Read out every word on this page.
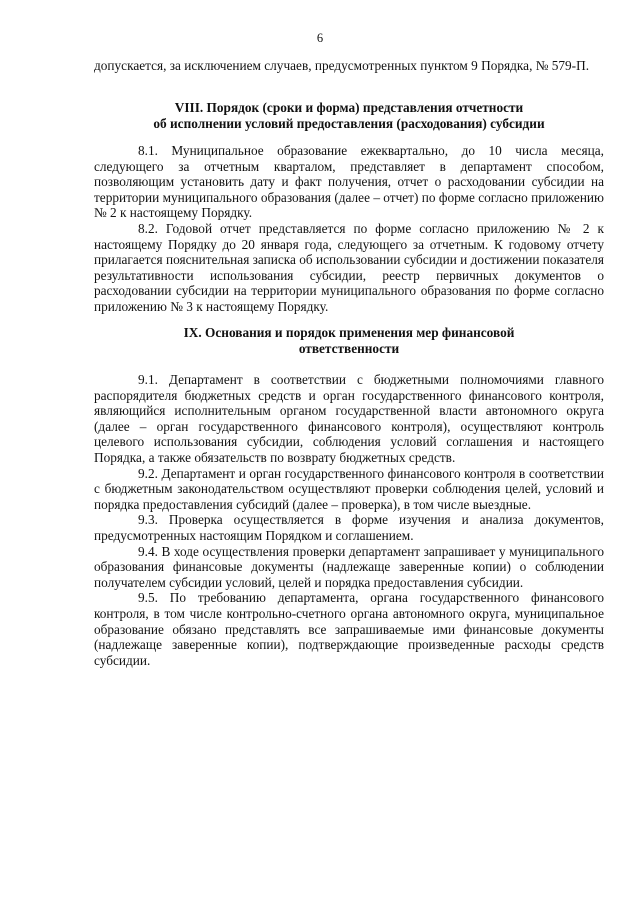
6

допускается, за исключением случаев, предусмотренных пунктом 9 Порядка, № 579-П.

VIII. Порядок (сроки и форма) представления отчетности
об исполнении условий предоставления (расходования) субсидии

8.1. Муниципальное образование ежеквартально, до 10 числа месяца, следующего за отчетным кварталом, представляет в департамент способом, позволяющим установить дату и факт получения, отчет о расходовании субсидии на территории муниципального образования (далее – отчет) по форме согласно приложению № 2 к настоящему Порядку.

8.2. Годовой отчет представляется по форме согласно приложению № 2 к настоящему Порядку до 20 января года, следующего за отчетным. К годовому отчету прилагается пояснительная записка об использовании субсидии и достижении показателя результативности использования субсидии, реестр первичных документов о расходовании субсидии на территории муниципального образования по форме согласно приложению № 3 к настоящему Порядку.

IX. Основания и порядок применения мер финансовой
ответственности

9.1. Департамент в соответствии с бюджетными полномочиями главного распорядителя бюджетных средств и орган государственного финансового контроля, являющийся исполнительным органом государственной власти автономного округа (далее – орган государственного финансового контроля), осуществляют контроль целевого использования субсидии, соблюдения условий соглашения и настоящего Порядка, а также обязательств по возврату бюджетных средств.

9.2. Департамент и орган государственного финансового контроля в соответствии с бюджетным законодательством осуществляют проверки соблюдения целей, условий и порядка предоставления субсидий (далее – проверка), в том числе выездные.

9.3. Проверка осуществляется в форме изучения и анализа документов, предусмотренных настоящим Порядком и соглашением.

9.4. В ходе осуществления проверки департамент запрашивает у муниципального образования финансовые документы (надлежаще заверенные копии) о соблюдении получателем субсидии условий, целей и порядка предоставления субсидии.

9.5. По требованию департамента, органа государственного финансового контроля, в том числе контрольно-счетного органа автономного округа, муниципальное образование обязано представлять все запрашиваемые ими финансовые документы (надлежаще заверенные копии), подтверждающие произведенные расходы средств субсидии.
